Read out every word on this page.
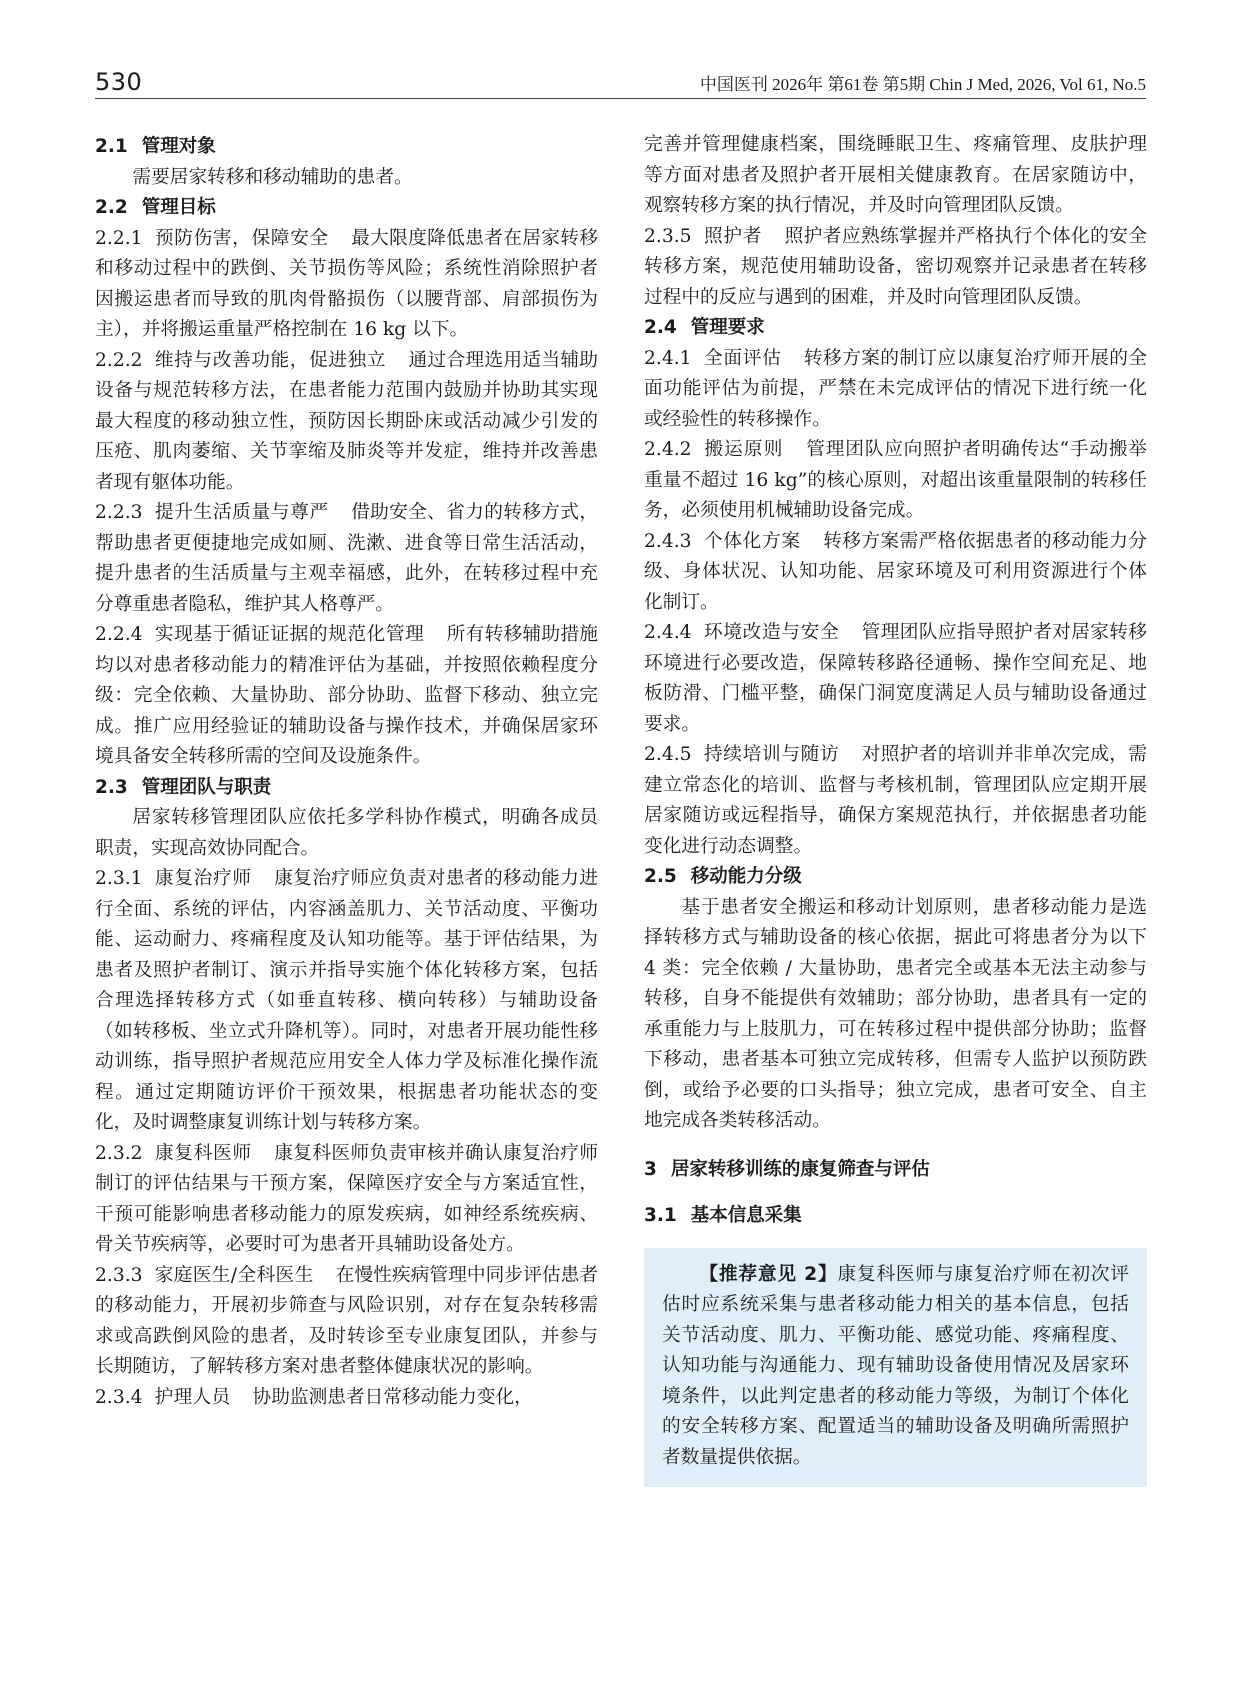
530	中国医刊 2026年 第61卷 第5期 Chin J Med, 2026, Vol 61, No.5
2.1 管理对象

需要居家转移和移动辅助的患者。

2.2 管理目标

2.2.1 预防伤害，保障安全 最大限度降低患者在居家转移和移动过程中的跌倒、关节损伤等风险；系统性消除照护者因搬运患者而导致的肌肉骨骼损伤（以腰背部、肩部损伤为主），并将搬运重量严格控制在 16 kg 以下。

2.2.2 维持与改善功能，促进独立 通过合理选用适当辅助设备与规范转移方法，在患者能力范围内鼓励并协助其实现最大程度的移动独立性，预防因长期卧床或活动减少引发的压疮、肌肉萎缩、关节挛缩及肺炎等并发症，维持并改善患者现有躯体功能。

2.2.3 提升生活质量与尊严 借助安全、省力的转移方式，帮助患者更便捷地完成如厕、洗漱、进食等日常生活活动，提升患者的生活质量与主观幸福感，此外，在转移过程中充分尊重患者隐私，维护其人格尊严。

2.2.4 实现基于循证证据的规范化管理 所有转移辅助措施均以对患者移动能力的精准评估为基础，并按照依赖程度分级：完全依赖、大量协助、部分协助、监督下移动、独立完成。推广应用经验证的辅助设备与操作技术，并确保居家环境具备安全转移所需的空间及设施条件。

2.3 管理团队与职责

居家转移管理团队应依托多学科协作模式，明确各成员职责，实现高效协同配合。

2.3.1 康复治疗师 康复治疗师应负责对患者的移动能力进行全面、系统的评估，内容涵盖肌力、关节活动度、平衡功能、运动耐力、疼痛程度及认知功能等。基于评估结果，为患者及照护者制订、演示并指导实施个体化转移方案，包括合理选择转移方式（如垂直转移、横向转移）与辅助设备（如转移板、坐立式升降机等）。同时，对患者开展功能性移动训练，指导照护者规范应用安全人体力学及标准化操作流程。通过定期随访评价干预效果，根据患者功能状态的变化，及时调整康复训练计划与转移方案。

2.3.2 康复科医师 康复科医师负责审核并确认康复治疗师制订的评估结果与干预方案，保障医疗安全与方案适宜性，干预可能影响患者移动能力的原发疾病，如神经系统疾病、骨关节疾病等，必要时可为患者开具辅助设备处方。

2.3.3 家庭医生/全科医生 在慢性疾病管理中同步评估患者的移动能力，开展初步筛查与风险识别，对存在复杂转移需求或高跌倒风险的患者，及时转诊至专业康复团队，并参与长期随访，了解转移方案对患者整体健康状况的影响。

2.3.4 护理人员 协助监测患者日常移动能力变化，

完善并管理健康档案，围绕睡眠卫生、疼痛管理、皮肤护理等方面对患者及照护者开展相关健康教育。在居家随访中，观察转移方案的执行情况，并及时向管理团队反馈。

2.3.5 照护者 照护者应熟练掌握并严格执行个体化的安全转移方案，规范使用辅助设备，密切观察并记录患者在转移过程中的反应与遇到的困难，并及时向管理团队反馈。

2.4 管理要求

2.4.1 全面评估 转移方案的制订应以康复治疗师开展的全面功能评估为前提，严禁在未完成评估的情况下进行统一化或经验性的转移操作。

2.4.2 搬运原则 管理团队应向照护者明确传达“手动搬举重量不超过 16 kg”的核心原则，对超出该重量限制的转移任务，必须使用机械辅助设备完成。

2.4.3 个体化方案 转移方案需严格依据患者的移动能力分级、身体状况、认知功能、居家环境及可利用资源进行个体化制订。

2.4.4 环境改造与安全 管理团队应指导照护者对居家转移环境进行必要改造，保障转移路径通畅、操作空间充足、地板防滑、门槛平整，确保门洞宽度满足人员与辅助设备通过要求。

2.4.5 持续培训与随访 对照护者的培训并非单次完成，需建立常态化的培训、监督与考核机制，管理团队应定期开展居家随访或远程指导，确保方案规范执行，并依据患者功能变化进行动态调整。

2.5 移动能力分级

基于患者安全搬运和移动计划原则，患者移动能力是选择转移方式与辅助设备的核心依据，据此可将患者分为以下 4 类：完全依赖 / 大量协助，患者完全或基本无法主动参与转移，自身不能提供有效辅助；部分协助，患者具有一定的承重能力与上肢肌力，可在转移过程中提供部分协助；监督下移动，患者基本可独立完成转移，但需专人监护以预防跌倒，或给予必要的口头指导；独立完成，患者可安全、自主地完成各类转移活动。

3 居家转移训练的康复筛查与评估
3.1 基本信息采集

【推荐意见 2】康复科医师与康复治疗师在初次评估时应系统采集与患者移动能力相关的基本信息，包括关节活动度、肌力、平衡功能、感觉功能、疼痛程度、认知功能与沟通能力、现有辅助设备使用情况及居家环境条件，以此判定患者的移动能力等级，为制订个体化的安全转移方案、配置适当的辅助设备及明确所需照护者数量提供依据。
